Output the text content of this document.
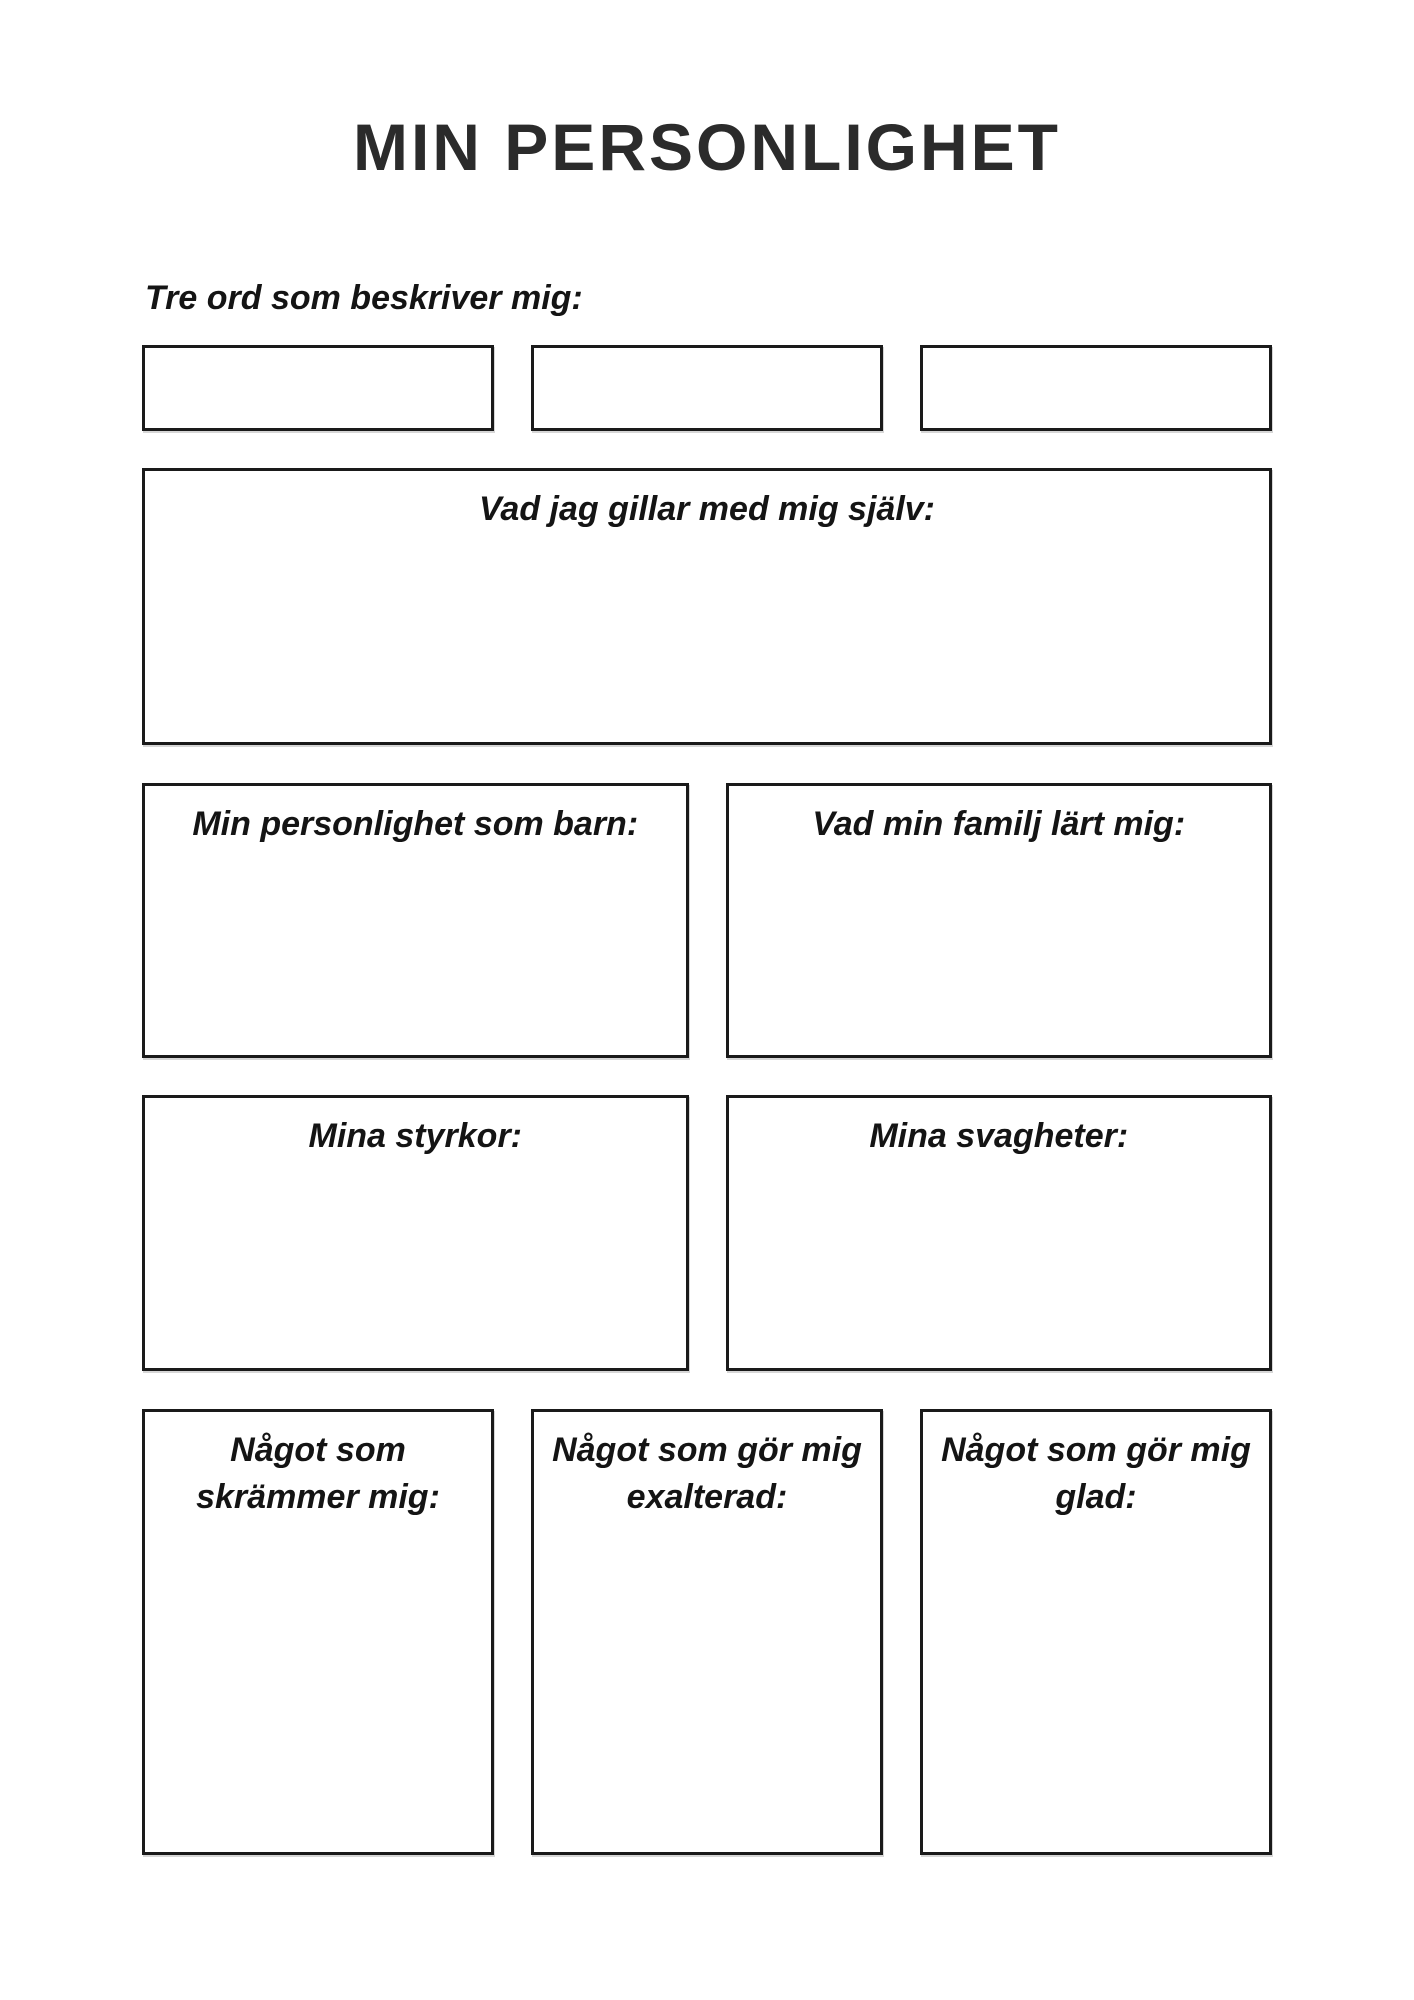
MIN PERSONLIGHET
Tre ord som beskriver mig:
Vad jag gillar med mig själv:
Min personlighet som barn:	Vad min familj lärt mig:
Mina styrkor:	Mina svagheter:
Något som
skrämmer mig:
Något som gör mig
exalterad:
Något som gör mig
glad:
